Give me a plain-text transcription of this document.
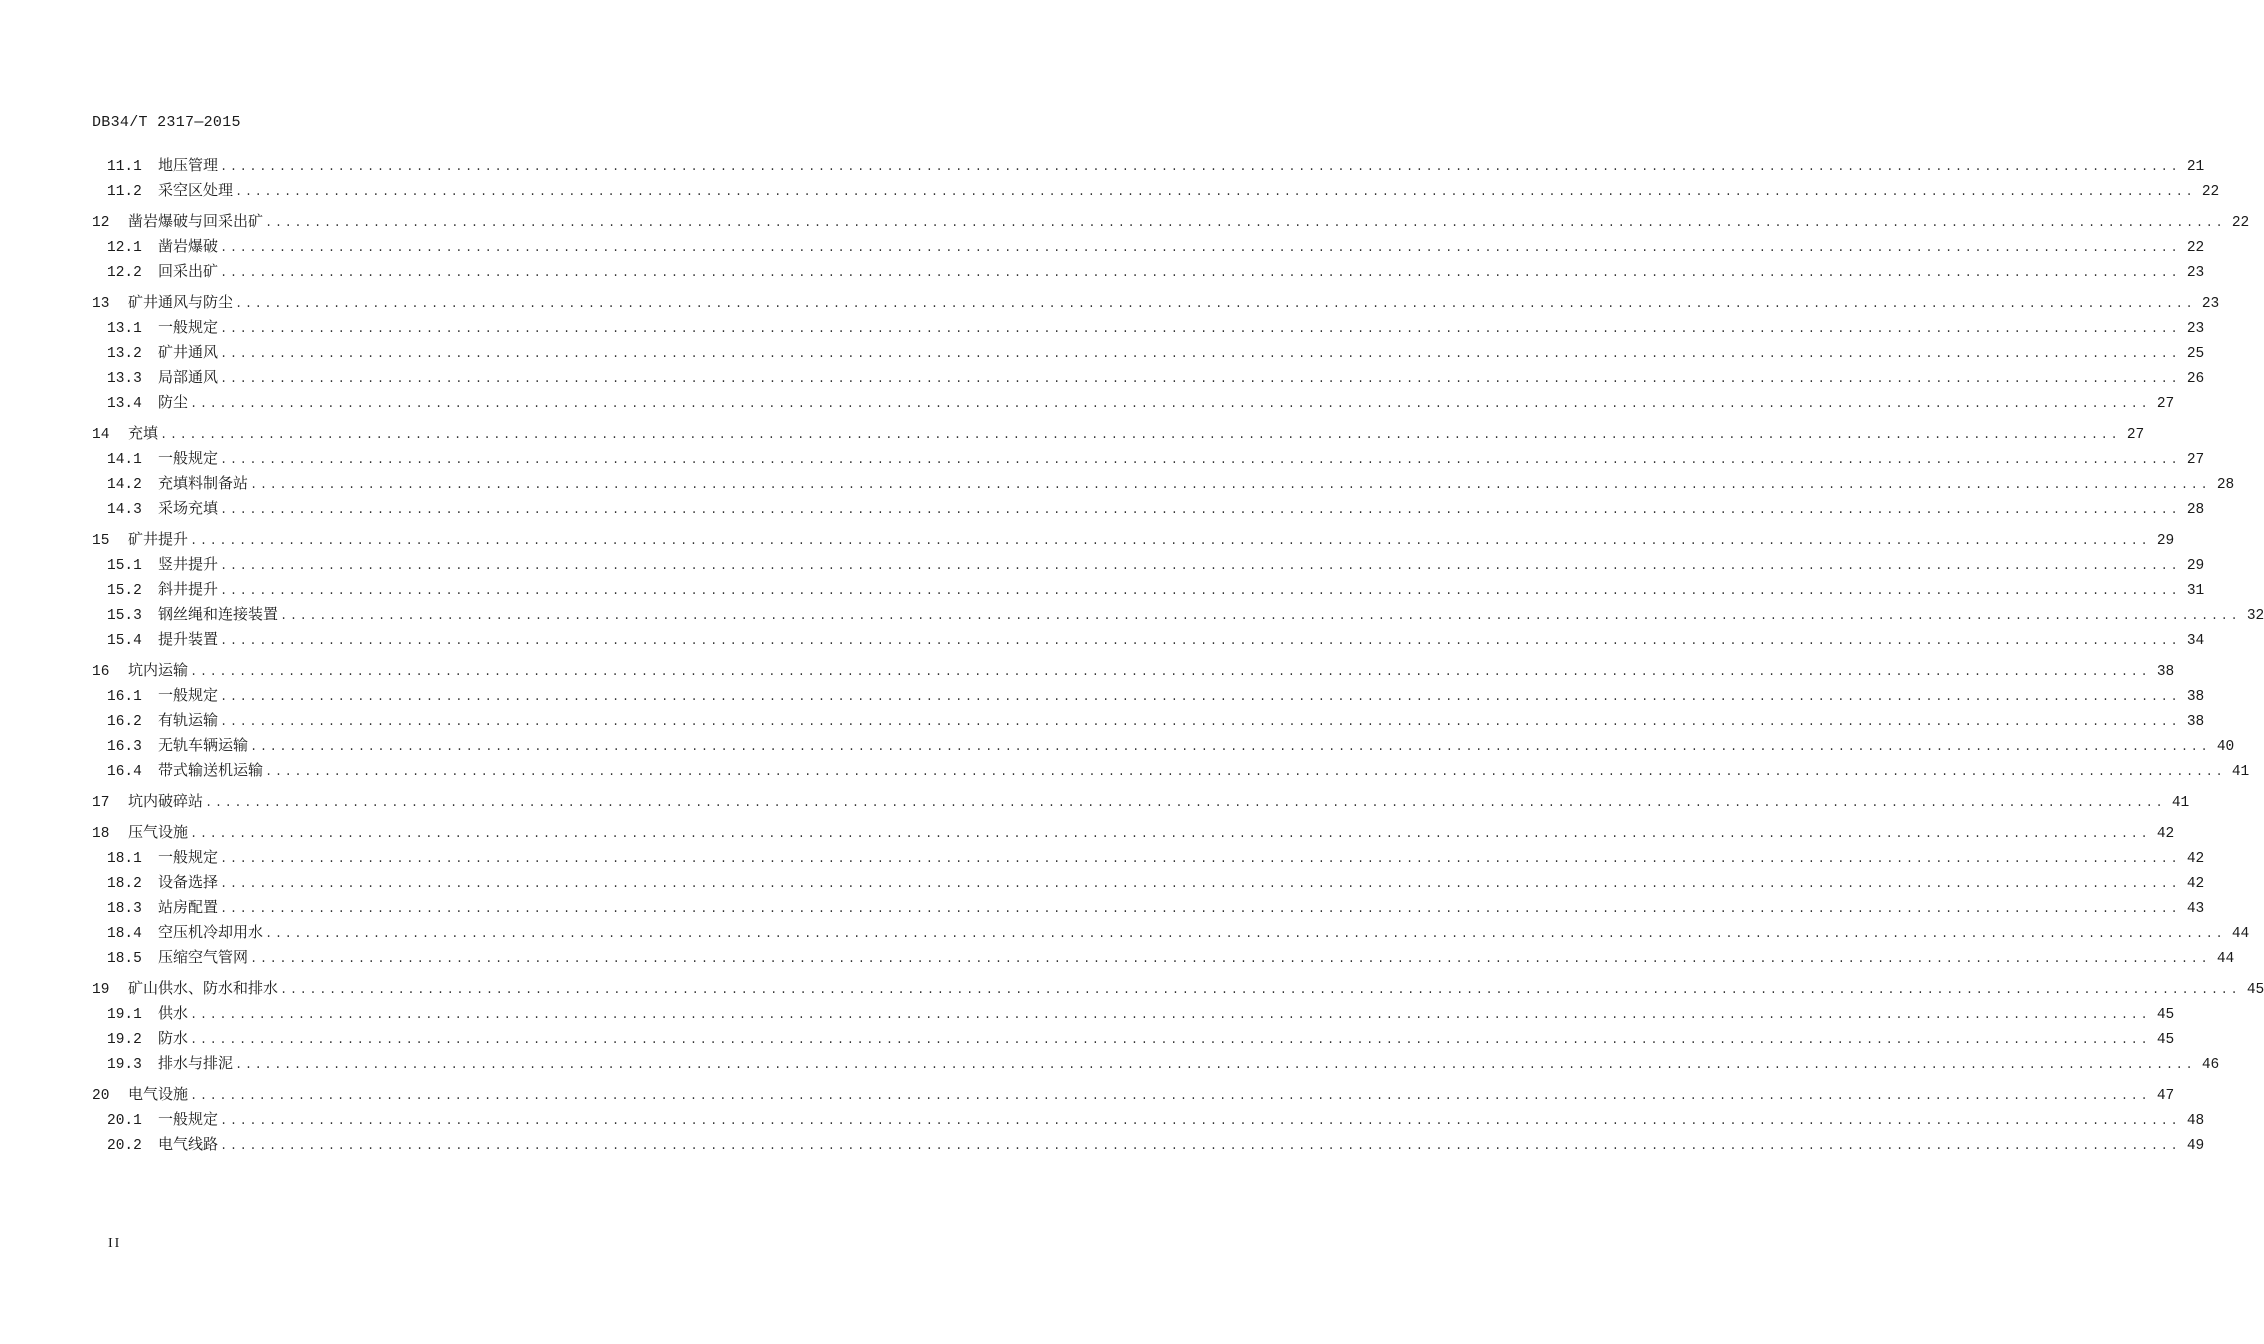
DB34/T 2317—2015
11.1	地压管理 ........................................................................................................................................................................................................ 21
11.2	采空区处理 ........................................................................................................................................................................................................ 22
12	凿岩爆破与回采出矿 ........................................................................................................................................................................................................ 22
12.1	凿岩爆破 ........................................................................................................................................................................................................ 22
12.2	回采出矿 ........................................................................................................................................................................................................ 23
13	矿井通风与防尘 ........................................................................................................................................................................................................ 23
13.1	一般规定 ........................................................................................................................................................................................................ 23
13.2	矿井通风 ........................................................................................................................................................................................................ 25
13.3	局部通风 ........................................................................................................................................................................................................ 26
13.4	防尘 ........................................................................................................................................................................................................ 27
14	充填 ........................................................................................................................................................................................................ 27
14.1	一般规定 ........................................................................................................................................................................................................ 27
14.2	充填料制备站 ........................................................................................................................................................................................................ 28
14.3	采场充填 ........................................................................................................................................................................................................ 28
15	矿井提升 ........................................................................................................................................................................................................ 29
15.1	竖井提升 ........................................................................................................................................................................................................ 29
15.2	斜井提升 ........................................................................................................................................................................................................ 31
15.3	钢丝绳和连接装置 ........................................................................................................................................................................................................ 32
15.4	提升装置 ........................................................................................................................................................................................................ 34
16	坑内运输 ........................................................................................................................................................................................................ 38
16.1	一般规定 ........................................................................................................................................................................................................ 38
16.2	有轨运输 ........................................................................................................................................................................................................ 38
16.3	无轨车辆运输 ........................................................................................................................................................................................................ 40
16.4	带式输送机运输 ........................................................................................................................................................................................................ 41
17	坑内破碎站 ........................................................................................................................................................................................................ 41
18	压气设施 ........................................................................................................................................................................................................ 42
18.1	一般规定 ........................................................................................................................................................................................................ 42
18.2	设备选择 ........................................................................................................................................................................................................ 42
18.3	站房配置 ........................................................................................................................................................................................................ 43
18.4	空压机冷却用水 ........................................................................................................................................................................................................ 44
18.5	压缩空气管网 ........................................................................................................................................................................................................ 44
19	矿山供水、防水和排水 ........................................................................................................................................................................................................ 45
19.1	供水 ........................................................................................................................................................................................................ 45
19.2	防水 ........................................................................................................................................................................................................ 45
19.3	排水与排泥 ........................................................................................................................................................................................................ 46
20	电气设施 ........................................................................................................................................................................................................ 47
20.1	一般规定 ........................................................................................................................................................................................................ 48
20.2	电气线路 ........................................................................................................................................................................................................ 49
II
